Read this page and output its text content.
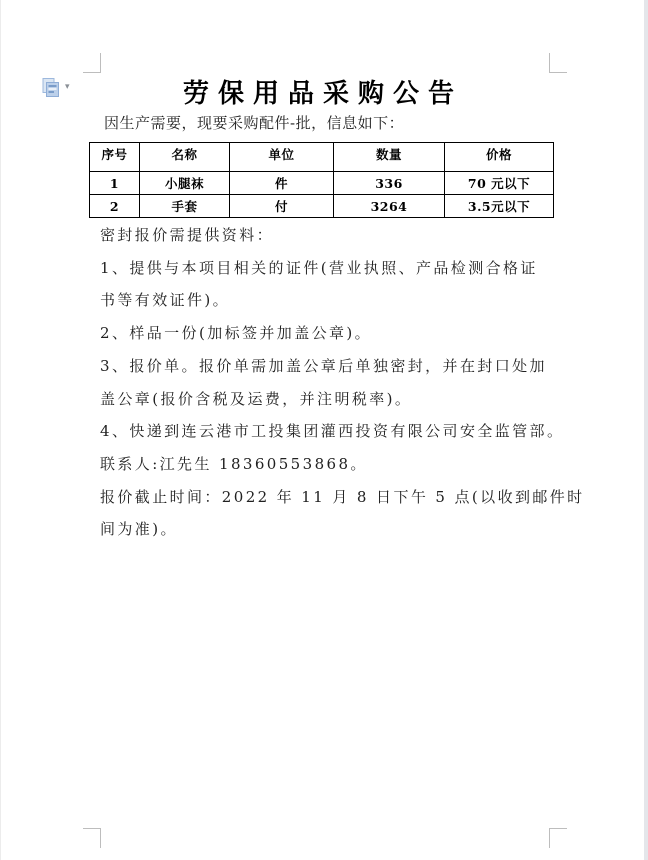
▾	劳保用品采购公告
因生产需要，现要采购配件-批，信息如下：
序号	名称	单位	数量	价格
1	小腿袜	件	336	70 元以下
2	手套	付	3264	3.5元以下
密封报价需提供资料：
1、提供与本项目相关的证件(营业执照、产品检测合格证
书等有效证件)。
2、样品一份(加标签并加盖公章)。
3、报价单。报价单需加盖公章后单独密封，并在封口处加
盖公章(报价含税及运费，并注明税率)。
4、快递到连云港市工投集团灌西投资有限公司安全监管部。
联系人:江先生 18360553868。
报价截止时间：2022 年 11 月 8 日下午 5 点(以收到邮件时
间为准)。
